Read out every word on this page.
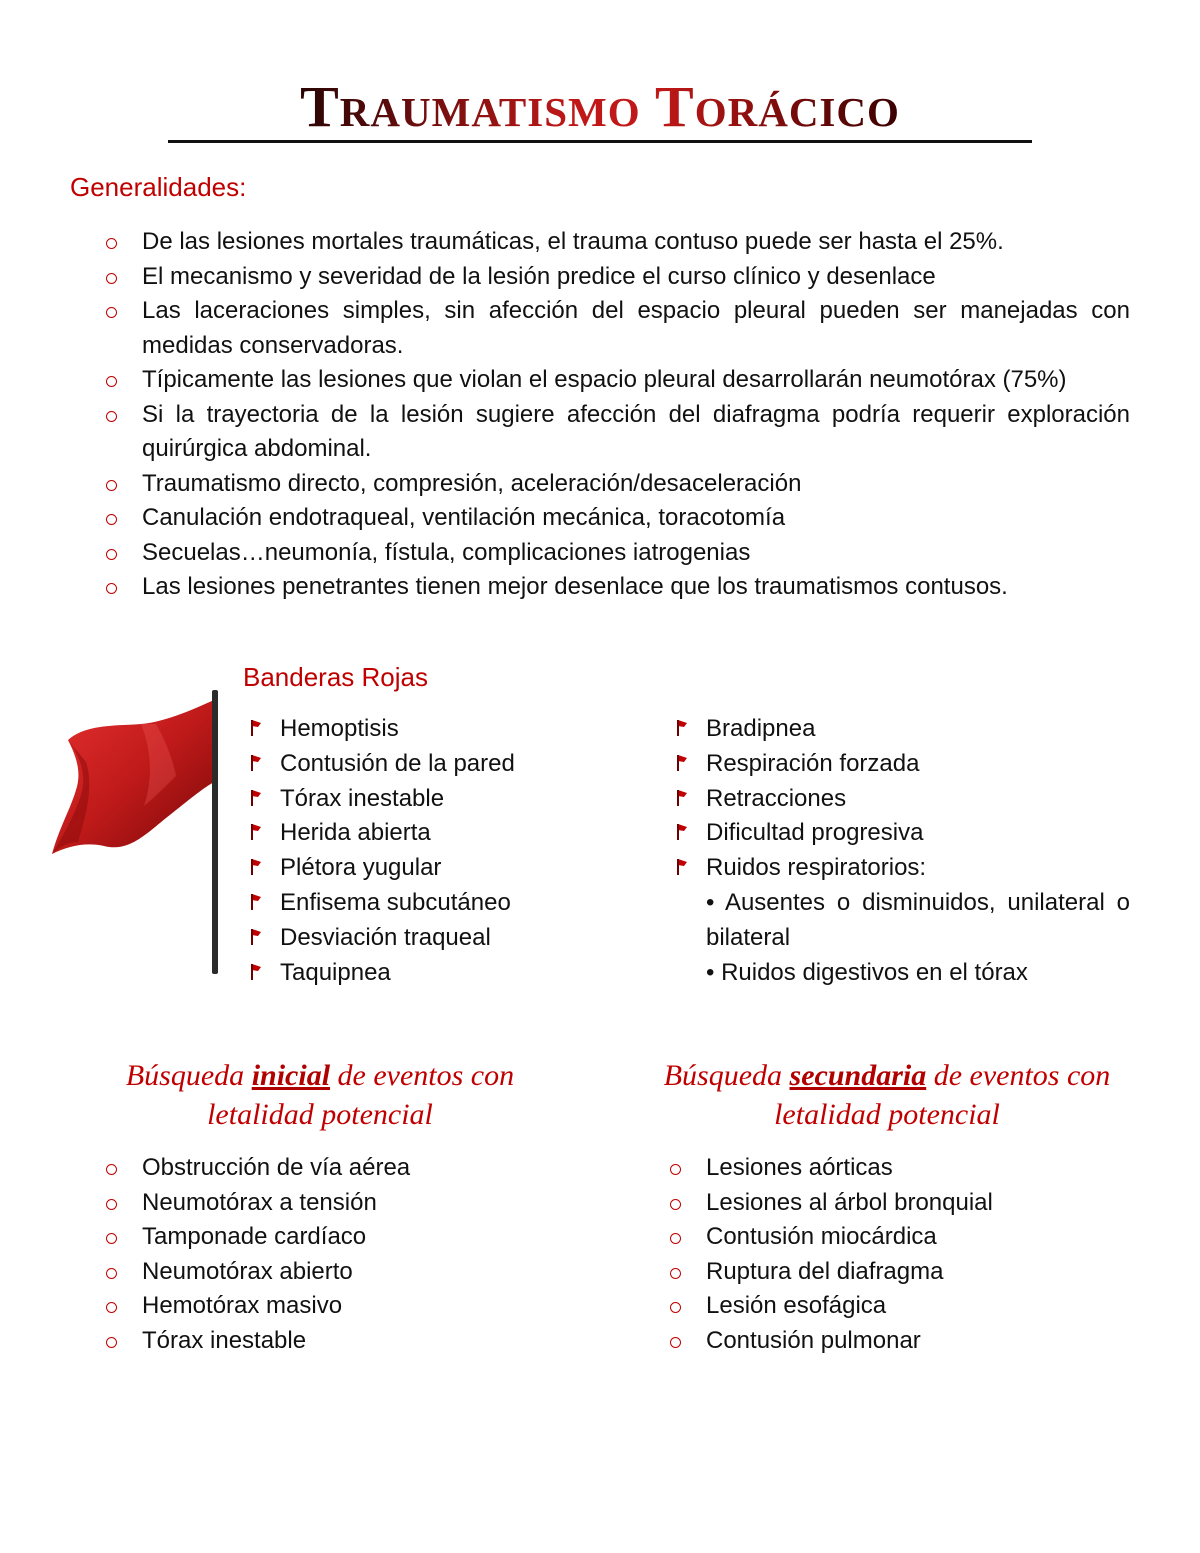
Traumatismo Torácico
Generalidades:
De las lesiones mortales traumáticas, el trauma contuso puede ser hasta el 25%.
El mecanismo y severidad de la lesión predice el curso clínico y desenlace
Las laceraciones simples, sin afección del espacio pleural pueden ser manejadas con medidas conservadoras.
Típicamente las lesiones que violan el espacio pleural desarrollarán neumotórax (75%)
Si la trayectoria de la lesión sugiere afección del diafragma podría requerir exploración quirúrgica abdominal.
Traumatismo directo, compresión, aceleración/desaceleración
Canulación endotraqueal, ventilación mecánica, toracotomía
Secuelas…neumonía, fístula, complicaciones iatrogenias
Las lesiones penetrantes tienen mejor desenlace que los traumatismos contusos.
Banderas Rojas
Hemoptisis
Contusión de la pared
Tórax inestable
Herida abierta
Plétora yugular
Enfisema subcutáneo
Desviación traqueal
Taquipnea
Bradipnea
Respiración forzada
Retracciones
Dificultad progresiva
Ruidos respiratorios:
• Ausentes o disminuidos, unilateral o bilateral
• Ruidos digestivos en el tórax
Búsqueda inicial de eventos con letalidad potencial
Obstrucción de vía aérea
Neumotórax a tensión
Tamponade cardíaco
Neumotórax abierto
Hemotórax masivo
Tórax inestable
Búsqueda secundaria de eventos con letalidad potencial
Lesiones aórticas
Lesiones al árbol bronquial
Contusión miocárdica
Ruptura del diafragma
Lesión esofágica
Contusión pulmonar
